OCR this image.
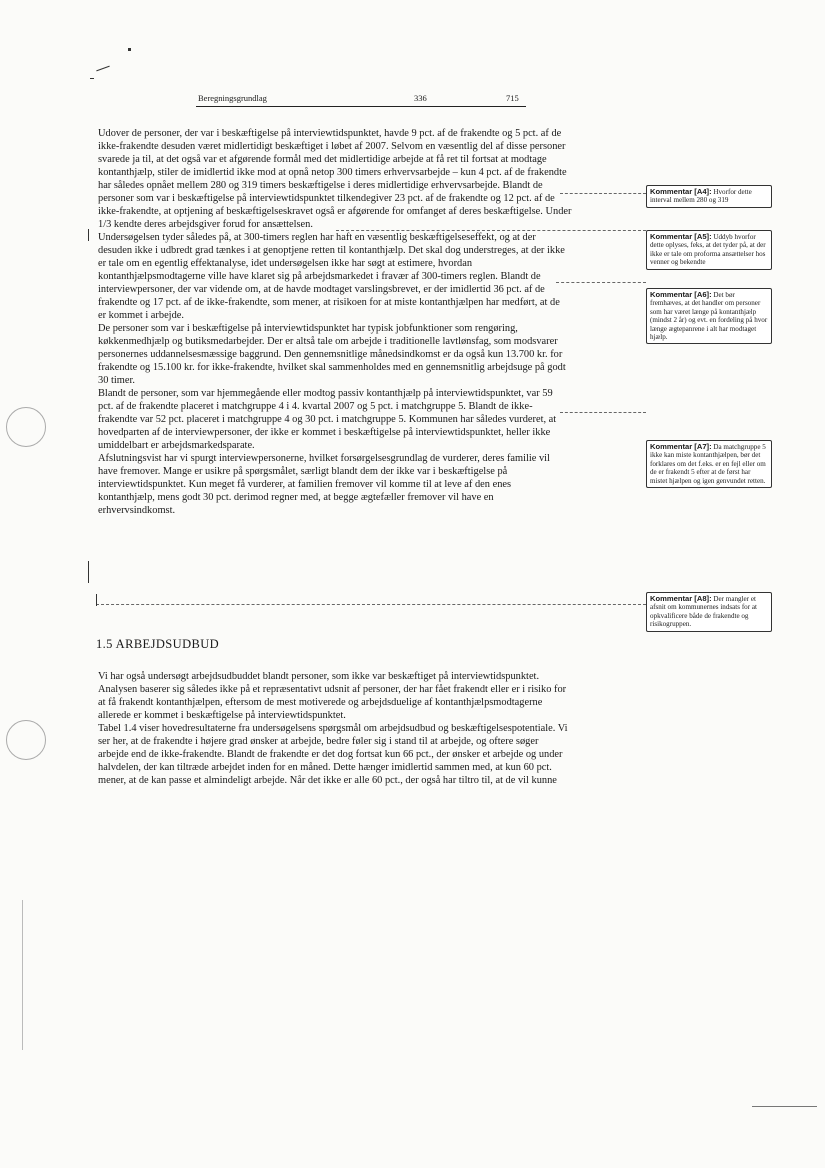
Beregningsgrundlag	336	715
Udover de personer, der var i beskæftigelse på interviewtidspunktet, havde 9 pct. af de frakendte og 5 pct. af de
ikke-frakendte desuden været midlertidigt beskæftiget i løbet af 2007. Selvom en væsentlig del af disse personer
svarede ja til, at det også var et afgørende formål med det midlertidige arbejde at få ret til fortsat at modtage
kontanthjælp, stiler de imidlertid ikke mod at opnå netop 300 timers erhvervsarbejde – kun 4 pct. af de frakendte
har således opnået mellem 280 og 319 timers beskæftigelse i deres midlertidige erhvervsarbejde. Blandt de
personer som var i beskæftigelse på interviewtidspunktet tilkendegiver 23 pct. af de frakendte og 12 pct. af de
ikke-frakendte, at optjening af beskæftigelseskravet også er afgørende for omfanget af deres beskæftigelse. Under
1/3 kendte deres arbejdsgiver forud for ansættelsen.
Undersøgelsen tyder således på, at 300-timers reglen har haft en væsentlig beskæftigelseseffekt, og at der
desuden ikke i udbredt grad tænkes i at genoptjene retten til kontanthjælp. Det skal dog understreges, at der ikke
er tale om en egentlig effektanalyse, idet undersøgelsen ikke har søgt at estimere, hvordan
kontanthjælpsmodtagerne ville have klaret sig på arbejdsmarkedet i fravær af 300-timers reglen. Blandt de
interviewpersoner, der var vidende om, at de havde modtaget varslingsbrevet, er der imidlertid 36 pct. af de
frakendte og 17 pct. af de ikke-frakendte, som mener, at risikoen for at miste kontanthjælpen har medført, at de
er kommet i arbejde.
De personer som var i beskæftigelse på interviewtidspunktet har typisk jobfunktioner som rengøring,
køkkenmedhjælp og butiksmedarbejder. Der er altså tale om arbejde i traditionelle lavtlønsfag, som modsvarer
personernes uddannelsesmæssige baggrund. Den gennemsnitlige månedsindkomst er da også kun 13.700 kr. for
frakendte og 15.100 kr. for ikke-frakendte, hvilket skal sammenholdes med en gennemsnitlig arbejdsuge på godt
30 timer.
Blandt de personer, som var hjemmegående eller modtog passiv kontanthjælp på interviewtidspunktet, var 59
pct. af de frakendte placeret i matchgruppe 4 i 4. kvartal 2007 og 5 pct. i matchgruppe 5. Blandt de ikke-
frakendte var 52 pct. placeret i matchgruppe 4 og 30 pct. i matchgruppe 5. Kommunen har således vurderet, at
hovedparten af de interviewpersoner, der ikke er kommet i beskæftigelse på interviewtidspunktet, heller ikke
umiddelbart er arbejdsmarkedsparate.
Afslutningsvist har vi spurgt interviewpersonerne, hvilket forsørgelsesgrundlag de vurderer, deres familie vil
have fremover. Mange er usikre på spørgsmålet, særligt blandt dem der ikke var i beskæftigelse på
interviewtidspunktet. Kun meget få vurderer, at familien fremover vil komme til at leve af den enes
kontanthjælp, mens godt 30 pct. derimod regner med, at begge ægtefæller fremover vil have en
erhvervsindkomst.
Vi har også undersøgt arbejdsudbuddet blandt personer, som ikke var beskæftiget på interviewtidspunktet.
Analysen baserer sig således ikke på et repræsentativt udsnit af personer, der har fået frakendt eller er i risiko for
at få frakendt kontanthjælpen, eftersom de mest motiverede og arbejdsduelige af kontanthjælpsmodtagerne
allerede er kommet i beskæftigelse på interviewtidspunktet.
Tabel 1.4 viser hovedresultaterne fra undersøgelsens spørgsmål om arbejdsudbud og beskæftigelsespotentiale. Vi
ser her, at de frakendte i højere grad ønsker at arbejde, bedre føler sig i stand til at arbejde, og oftere søger
arbejde end de ikke-frakendte. Blandt de frakendte er det dog fortsat kun 66 pct., der ønsker et arbejde og under
halvdelen, der kan tiltræde arbejdet inden for en måned. Dette hænger imidlertid sammen med, at kun 60 pct.
mener, at de kan passe et almindeligt arbejde. Når det ikke er alle 60 pct., der også har tiltro til, at de vil kunne
1.5 ARBEJDSUDBUD
Kommentar [A4]: Hvorfor dette interval mellem 280 og 319
Kommentar [A5]: Uddyb hvorfor dette oplyses, feks, at det tyder på, at der ikke er tale om proforma ansættelser hos venner og bekendte
Kommentar [A6]: Det bør fremhæves, at det handler om personer som har været længe på kontanthjælp (mindst 2 år) og evt. en fordeling på hvor længe ægtepanrene i alt har modtaget hjælp.
Kommentar [A7]: Da matchgruppe 5 ikke kan miste kontanthjælpen, bør det forklares om det f.eks. er en fejl eller om de er frakendt 5 efter at de først har mistet hjælpen og igen genvundet retten.
Kommentar [A8]: Der mangler et afsnit om kommunernes indsats for at opkvalificere både de frakendte og risikogruppen.
